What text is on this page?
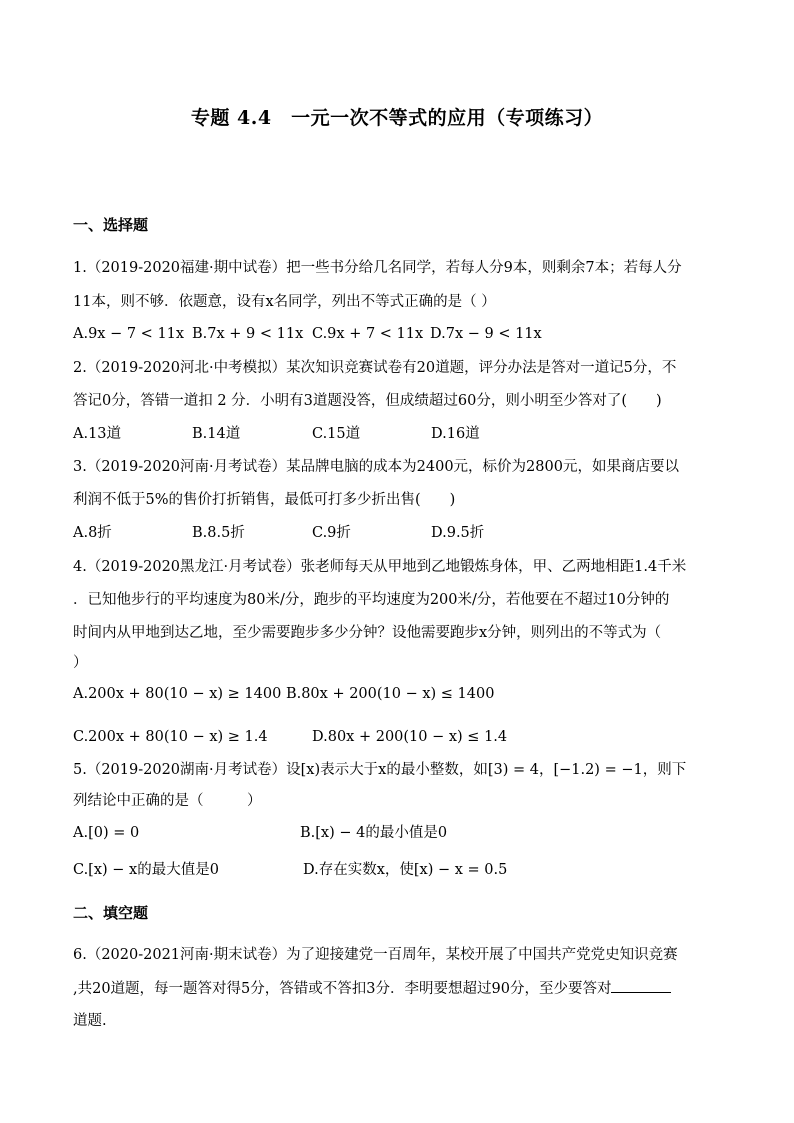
专题 4.4　一元一次不等式的应用（专项练习）
一、选择题
1.（2019-2020福建·期中试卷）把一些书分给几名同学，若每人分9本，则剩余7本；若每人分
11本，则不够．依题意，设有x名同学，列出不等式正确的是（ ）
A.9x − 7 < 11x B.7x + 9 < 11x C.9x + 7 < 11x D.7x − 9 < 11x
2.（2019-2020河北·中考模拟）某次知识竞赛试卷有20道题，评分办法是答对一道记5分，不
答记0分，答错一道扣 2 分．小明有3道题没答，但成绩超过60分，则小明至少答对了(　　)
A.13道	B.14道	C.15道	D.16道
3.（2019-2020河南·月考试卷）某品牌电脑的成本为2400元，标价为2800元，如果商店要以
利润不低于5%的售价打折销售，最低可打多少折出售(　　)
A.8折	B.8.5折	C.9折	D.9.5折
4.（2019-2020黑龙江·月考试卷）张老师每天从甲地到乙地锻炼身体，甲、乙两地相距1.4千米
．已知他步行的平均速度为80米/分，跑步的平均速度为200米/分，若他要在不超过10分钟的
时间内从甲地到达乙地，至少需要跑步多少分钟？设他需要跑步x分钟，则列出的不等式为（
）
A.200x + 80(10 − x) ≥ 1400 B.80x + 200(10 − x) ≤ 1400
C.200x + 80(10 − x) ≥ 1.4	D.80x + 200(10 − x) ≤ 1.4
5.（2019-2020湖南·月考试卷）设[x)表示大于x的最小整数，如[3) = 4，[−1.2) = −1，则下
列结论中正确的是（　　　）
A.[0) = 0	B.[x) − 4的最小值是0
C.[x) − x的最大值是0	D.存在实数x，使[x) − x = 0.5
二、填空题
6.（2020-2021河南·期末试卷）为了迎接建党一百周年，某校开展了中国共产党党史知识竞赛
,共20道题，每一题答对得5分，答错或不答扣3分．李明要想超过90分，至少要答对
道题.
